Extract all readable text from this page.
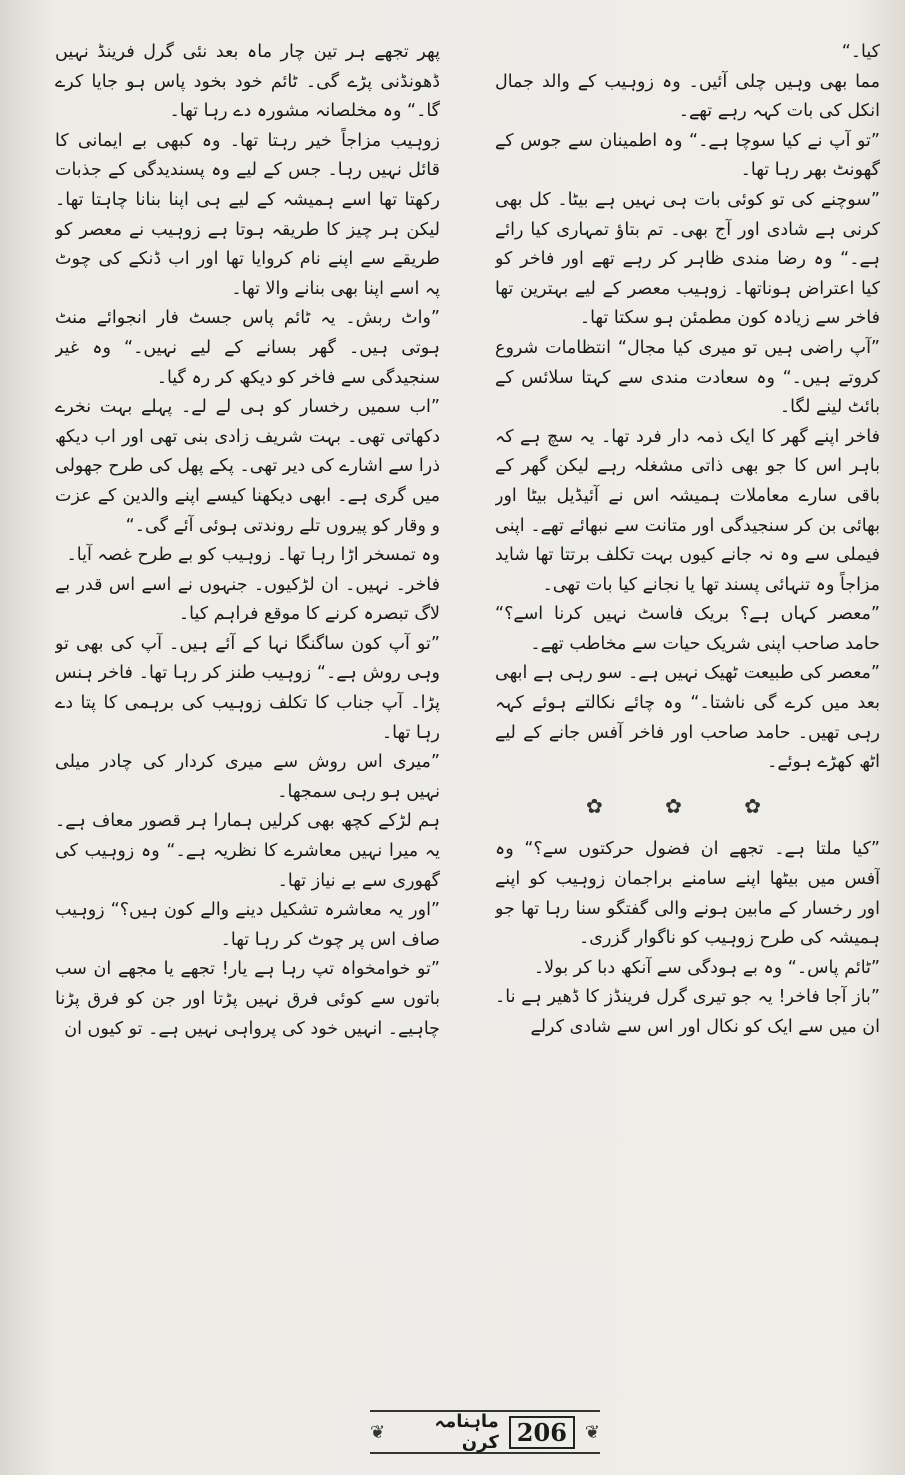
کیا۔“

مما بھی وہیں چلی آئیں۔ وہ زوہیب کے والد جمال انکل کی بات کہہ رہے تھے۔

”تو آپ نے کیا سوچا ہے۔“ وہ اطمینان سے جوس کے گھونٹ بھر رہا تھا۔

”سوچنے کی تو کوئی بات ہی نہیں ہے بیٹا۔ کل بھی کرنی ہے شادی اور آج بھی۔ تم بتاؤ تمہاری کیا رائے ہے۔“ وہ رضا مندی ظاہر کر رہے تھے اور فاخر کو کیا اعتراض ہوناتھا۔ زوہیب معصر کے لیے بہترین تھا فاخر سے زیادہ کون مطمئن ہو سکتا تھا۔

”آپ راضی ہیں تو میری کیا مجال“ انتظامات شروع کروتے ہیں۔“ وہ سعادت مندی سے کہتا سلائس کے بائٹ لینے لگا۔

فاخر اپنے گھر کا ایک ذمہ دار فرد تھا۔ یہ سچ ہے کہ باہر اس کا جو بھی ذاتی مشغلہ رہے لیکن گھر کے باقی سارے معاملات ہمیشہ اس نے آئیڈیل بیٹا اور بھائی بن کر سنجیدگی اور متانت سے نبھائے تھے۔ اپنی فیملی سے وہ نہ جانے کیوں بہت تکلف برتتا تھا شاید مزاجاً وہ تنہائی پسند تھا یا نجانے کیا بات تھی۔

”معصر کہاں ہے؟ بریک فاسٹ نہیں کرنا اسے؟“ حامد صاحب اپنی شریک حیات سے مخاطب تھے۔

”معصر کی طبیعت ٹھیک نہیں ہے۔ سو رہی ہے ابھی بعد میں کرے گی ناشتا۔“ وہ چائے نکالتے ہوئے کہہ رہی تھیں۔ حامد صاحب اور فاخر آفس جانے کے لیے اٹھ کھڑے ہوئے۔

✿ ✿ ✿

”کیا ملتا ہے۔ تجھے ان فضول حرکتوں سے؟“ وہ آفس میں بیٹھا اپنے سامنے براجمان زوہیب کو اپنے اور رخسار کے مابین ہونے والی گفتگو سنا رہا تھا جو ہمیشہ کی طرح زوہیب کو ناگوار گزری۔

”ٹائم پاس۔“ وہ بے ہودگی سے آنکھ دبا کر بولا۔

”باز آجا فاخر! یہ جو تیری گرل فرینڈز کا ڈھیر ہے نا۔ ان میں سے ایک کو نکال اور اس سے شادی کرلے

پھر تجھے ہر تین چار ماہ بعد نئی گرل فرینڈ نہیں ڈھونڈنی پڑے گی۔ ٹائم خود بخود پاس ہو جایا کرے گا۔“ وہ مخلصانہ مشورہ دے رہا تھا۔

زوہیب مزاجاً خیر رہتا تھا۔ وہ کبھی بے ایمانی کا قائل نہیں رہا۔ جس کے لیے وہ پسندیدگی کے جذبات رکھتا تھا اسے ہمیشہ کے لیے ہی اپنا بنانا چاہتا تھا۔ لیکن ہر چیز کا طریقہ ہوتا ہے زوہیب نے معصر کو طریقے سے اپنے نام کروایا تھا اور اب ڈنکے کی چوٹ پہ اسے اپنا بھی بنانے والا تھا۔

”واٹ ربش۔ یہ ٹائم پاس جسٹ فار انجوائے منٹ ہوتی ہیں۔ گھر بسانے کے لیے نہیں۔“ وہ غیر سنجیدگی سے فاخر کو دیکھ کر رہ گیا۔

”اب سمیں رخسار کو ہی لے لے۔ پہلے بہت نخرے دکھاتی تھی۔ بہت شریف زادی بنی تھی اور اب دیکھ ذرا سے اشارے کی دیر تھی۔ پکے پھل کی طرح جھولی میں گری ہے۔ ابھی دیکھنا کیسے اپنے والدین کے عزت و وقار کو پیروں تلے روندتی ہوئی آئے گی۔“

وہ تمسخر اڑا رہا تھا۔ زوہیب کو بے طرح غصہ آیا۔

فاخر۔ نہیں۔ ان لڑکیوں۔ جنہوں نے اسے اس قدر بے لاگ تبصرہ کرنے کا موقع فراہم کیا۔

”تو آپ کون ساگنگا نہا کے آئے ہیں۔ آپ کی بھی تو وہی روش ہے۔“ زوہیب طنز کر رہا تھا۔ فاخر ہنس پڑا۔ آپ جناب کا تکلف زوہیب کی برہمی کا پتا دے رہا تھا۔

”میری اس روش سے میری کردار کی چادر میلی نہیں ہو رہی سمجھا۔

ہم لڑکے کچھ بھی کرلیں ہمارا ہر قصور معاف ہے۔ یہ میرا نہیں معاشرے کا نظریہ ہے۔“ وہ زوہیب کی گھوری سے بے نیاز تھا۔

”اور یہ معاشرہ تشکیل دینے والے کون ہیں؟“ زوہیب صاف اس پر چوٹ کر رہا تھا۔

”تو خوامخواہ تپ رہا ہے یار! تجھے یا مجھے ان سب باتوں سے کوئی فرق نہیں پڑتا اور جن کو فرق پڑنا چاہیے۔ انہیں خود کی پرواہی نہیں ہے۔ تو کیوں ان

❦	ماہنامہ کرن 206	❦
